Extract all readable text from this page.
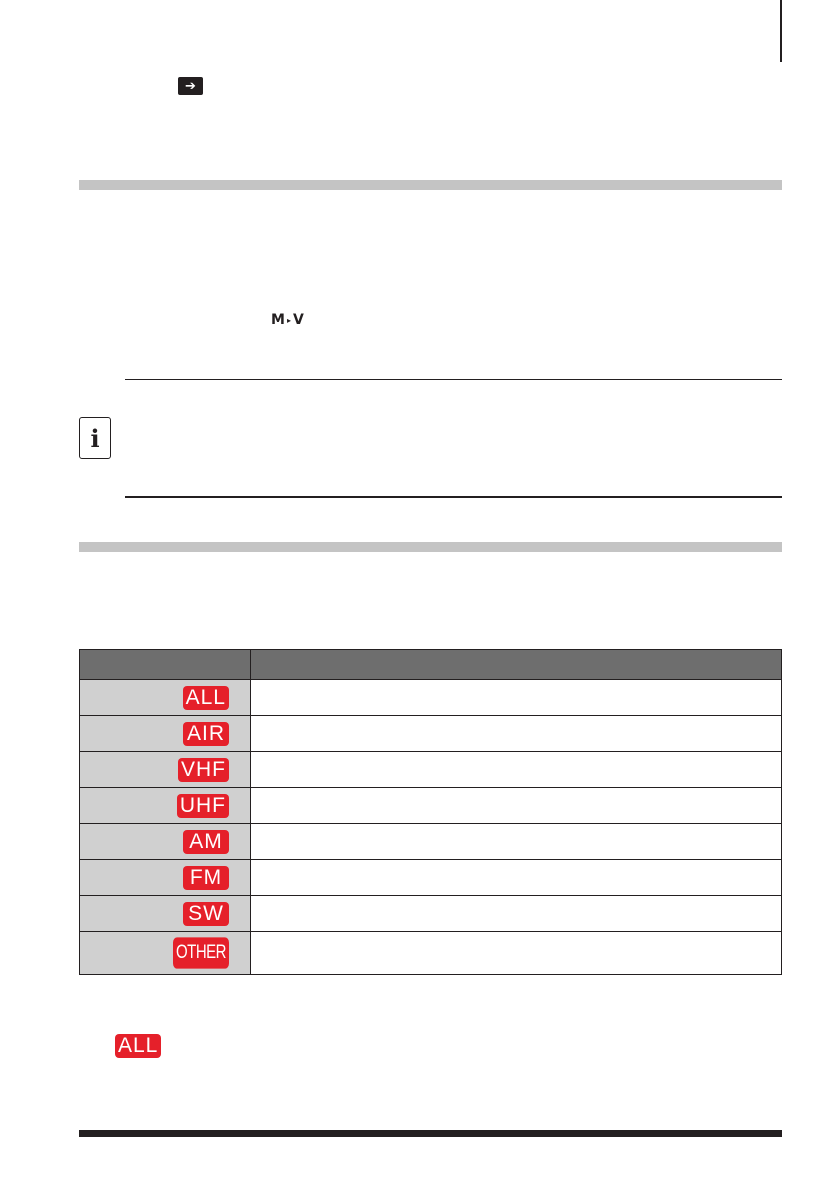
➔
M ▸ V
i

ALL	
AIR	
VHF	
UHF	
AM	
FM	
SW	
OTHER	
ALL
